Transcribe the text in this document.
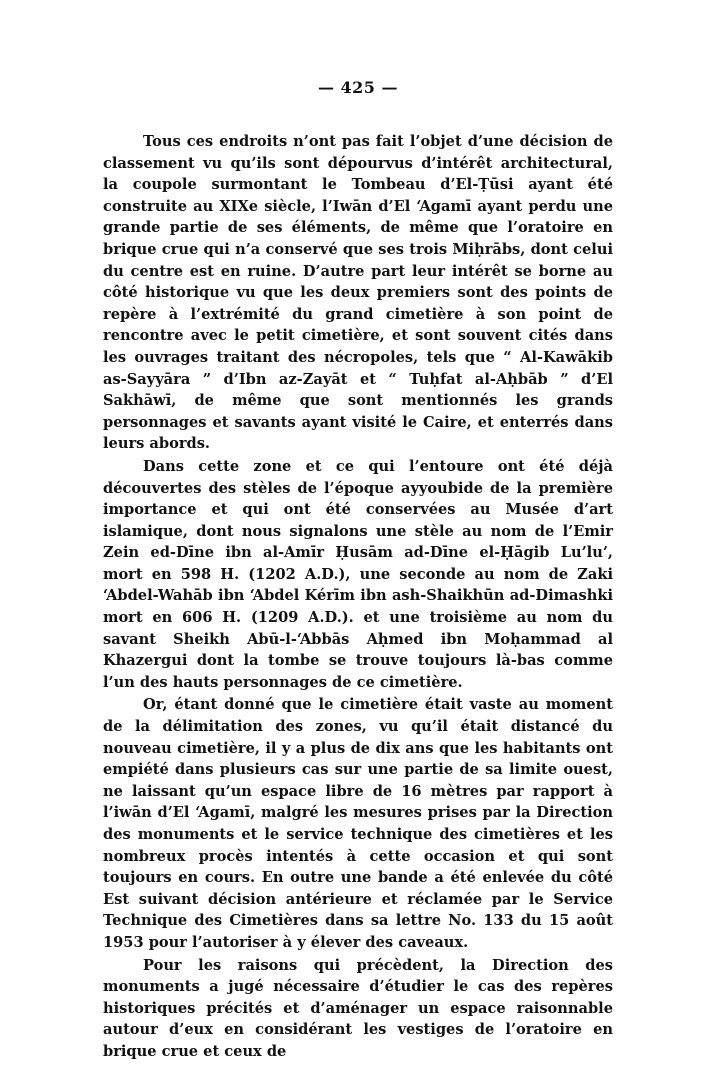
— 425 —

Tous ces endroits n’ont pas fait l’objet d’une décision de classement vu qu’ils sont dépourvus d’intérêt architectural, la coupole surmontant le Tombeau d’El-Ṭūsi ayant été construite au XIXe siècle, l’Iwān d’El ‘Agamī ayant perdu une grande partie de ses éléments, de même que l’oratoire en brique crue qui n’a conservé que ses trois Miḥrābs, dont celui du centre est en ruine. D’autre part leur intérêt se borne au côté historique vu que les deux premiers sont des points de repère à l’extrémité du grand cimetière à son point de rencontre avec le petit cimetière, et sont souvent cités dans les ouvrages traitant des nécropoles, tels que “ Al-Kawākib as-Sayyāra ” d’Ibn az-Zayāt et “ Tuḥfat al-Aḥbāb ” d’El Sakhāwī, de même que sont mentionnés les grands personnages et savants ayant visité le Caire, et enterrés dans leurs abords.

Dans cette zone et ce qui l’entoure ont été déjà découvertes des stèles de l’époque ayyoubide de la première importance et qui ont été conservées au Musée d’art islamique, dont nous signalons une stèle au nom de l’Emir Zein ed-Dīne ibn al-Amīr Ḥusām ad-Dīne el-Ḥāgib Lu’lu’, mort en 598 H. (1202 A.D.), une seconde au nom de Zaki ‘Abdel-Wahāb ibn ‘Abdel Kérīm ibn ash-Shaikhūn ad-Dimashki mort en 606 H. (1209 A.D.). et une troisième au nom du savant Sheikh Abū-l-‘Abbās Aḥmed ibn Moḥammad al Khazergui dont la tombe se trouve toujours là-bas comme l’un des hauts personnages de ce cimetière.

Or, étant donné que le cimetière était vaste au moment de la délimitation des zones, vu qu’il était distancé du nouveau cimetière, il y a plus de dix ans que les habitants ont empiété dans plusieurs cas sur une partie de sa limite ouest, ne laissant qu’un espace libre de 16 mètres par rapport à l’iwān d’El ‘Agamī, malgré les mesures prises par la Direction des monuments et le service technique des cimetières et les nombreux procès intentés à cette occasion et qui sont toujours en cours. En outre une bande a été enlevée du côté Est suivant décision antérieure et réclamée par le Service Technique des Cimetières dans sa lettre No. 133 du 15 août 1953 pour l’autoriser à y élever des caveaux.

Pour les raisons qui précèdent, la Direction des monuments a jugé nécessaire d’étudier le cas des repères historiques précités et d’aménager un espace raisonnable autour d’eux en considérant les vestiges de l’oratoire en brique crue et ceux de
